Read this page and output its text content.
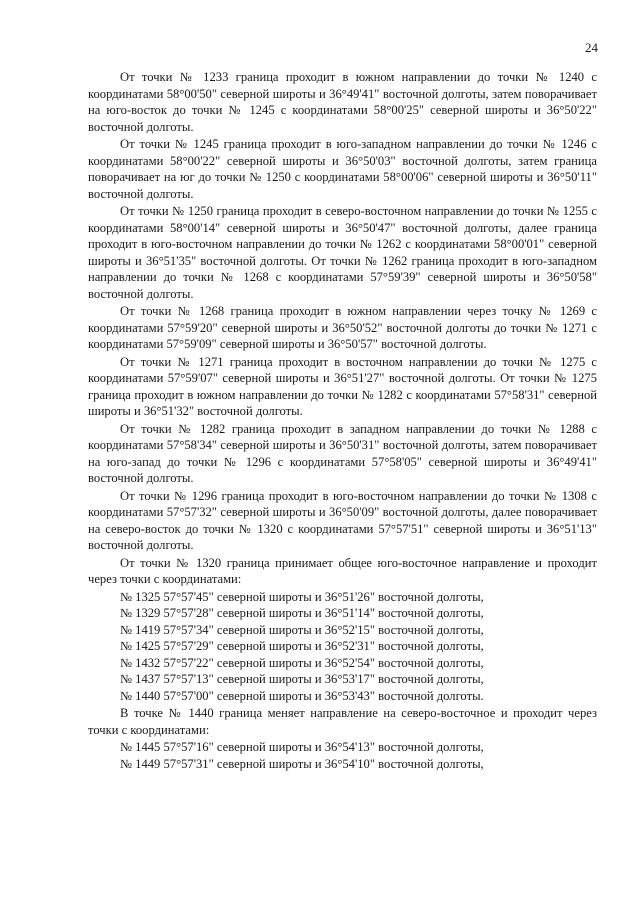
24

От точки № 1233 граница проходит в южном направлении до точки № 1240 с координатами 58°00'50" северной широты и 36°49'41" восточной долготы, затем поворачивает на юго-восток до точки № 1245 с координатами 58°00'25" северной широты и 36°50'22" восточной долготы.

От точки № 1245 граница проходит в юго-западном направлении до точки № 1246 с координатами 58°00'22" северной широты и 36°50'03" восточной долготы, затем граница поворачивает на юг до точки № 1250 с координатами 58°00'06" северной широты и 36°50'11" восточной долготы.

От точки № 1250 граница проходит в северо-восточном направлении до точки № 1255 с координатами 58°00'14" северной широты и 36°50'47" восточной долготы, далее граница проходит в юго-восточном направлении до точки № 1262 с координатами 58°00'01" северной широты и 36°51'35" восточной долготы. От точки № 1262 граница проходит в юго-западном направлении до точки № 1268 с координатами 57°59'39" северной широты и 36°50'58" восточной долготы.

От точки № 1268 граница проходит в южном направлении через точку № 1269 с координатами 57°59'20" северной широты и 36°50'52" восточной долготы до точки № 1271 с координатами 57°59'09" северной широты и 36°50'57" восточной долготы.

От точки № 1271 граница проходит в восточном направлении до точки № 1275 с координатами 57°59'07" северной широты и 36°51'27" восточной долготы. От точки № 1275 граница проходит в южном направлении до точки № 1282 с координатами 57°58'31" северной широты и 36°51'32" восточной долготы.

От точки № 1282 граница проходит в западном направлении до точки № 1288 с координатами 57°58'34" северной широты и 36°50'31" восточной долготы, затем поворачивает на юго-запад до точки № 1296 с координатами 57°58'05" северной широты и 36°49'41" восточной долготы.

От точки № 1296 граница проходит в юго-восточном направлении до точки № 1308 с координатами 57°57'32" северной широты и 36°50'09" восточной долготы, далее поворачивает на северо-восток до точки № 1320 с координатами 57°57'51" северной широты и 36°51'13" восточной долготы.

От точки № 1320 граница принимает общее юго-восточное направление и проходит через точки с координатами:

№ 1325 57°57'45" северной широты и 36°51'26" восточной долготы,
№ 1329 57°57'28" северной широты и 36°51'14" восточной долготы,
№ 1419 57°57'34" северной широты и 36°52'15" восточной долготы,
№ 1425 57°57'29" северной широты и 36°52'31" восточной долготы,
№ 1432 57°57'22" северной широты и 36°52'54" восточной долготы,
№ 1437 57°57'13" северной широты и 36°53'17" восточной долготы,
№ 1440 57°57'00" северной широты и 36°53'43" восточной долготы.

В точке № 1440 граница меняет направление на северо-восточное и проходит через точки с координатами:

№ 1445 57°57'16" северной широты и 36°54'13" восточной долготы,
№ 1449 57°57'31" северной широты и 36°54'10" восточной долготы,
